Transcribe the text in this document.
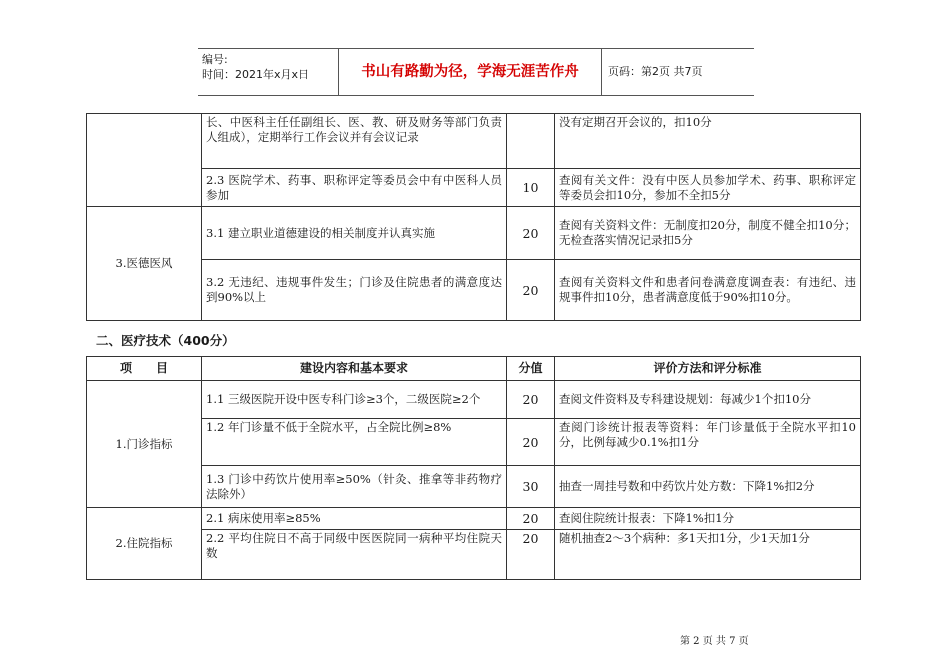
编号:
时间：2021年x月x日	书山有路勤为径，学海无涯苦作舟	页码：第2页 共7页
	长、中医科主任任副组长、医、教、研及财务等部门负责人组成），定期举行工作会议并有会议记录		没有定期召开会议的，扣10分
	2.3 医院学术、药事、职称评定等委员会中有中医科人员参加	10	查阅有关文件：没有中医人员参加学术、药事、职称评定等委员会扣10分，参加不全扣5分
3.医德医风	3.1 建立职业道德建设的相关制度并认真实施	20	查阅有关资料文件：无制度扣20分，制度不健全扣10分；无检查落实情况记录扣5分
	3.2 无违纪、违规事件发生；门诊及住院患者的满意度达到90%以上	20	查阅有关资料文件和患者问卷满意度调查表：有违纪、违规事件扣10分，患者满意度低于90%扣10分。
二、医疗技术（400分）
项　　目	建设内容和基本要求	分值	评价方法和评分标准
1.门诊指标	1.1 三级医院开设中医专科门诊≥3个，二级医院≥2个	20	查阅文件资料及专科建设规划：每减少1个扣10分
	1.2 年门诊量不低于全院水平，占全院比例≥8%	20	查阅门诊统计报表等资料：年门诊量低于全院水平扣10分，比例每减少0.1%扣1分
	1.3 门诊中药饮片使用率≥50%（针灸、推拿等非药物疗法除外）	30	抽查一周挂号数和中药饮片处方数：下降1%扣2分
2.住院指标	2.1 病床使用率≥85%	20	查阅住院统计报表：下降1%扣1分
	2.2 平均住院日不高于同级中医医院同一病种平均住院天数	20	随机抽查2～3个病种：多1天扣1分，少1天加1分
第 2 页 共 7 页
